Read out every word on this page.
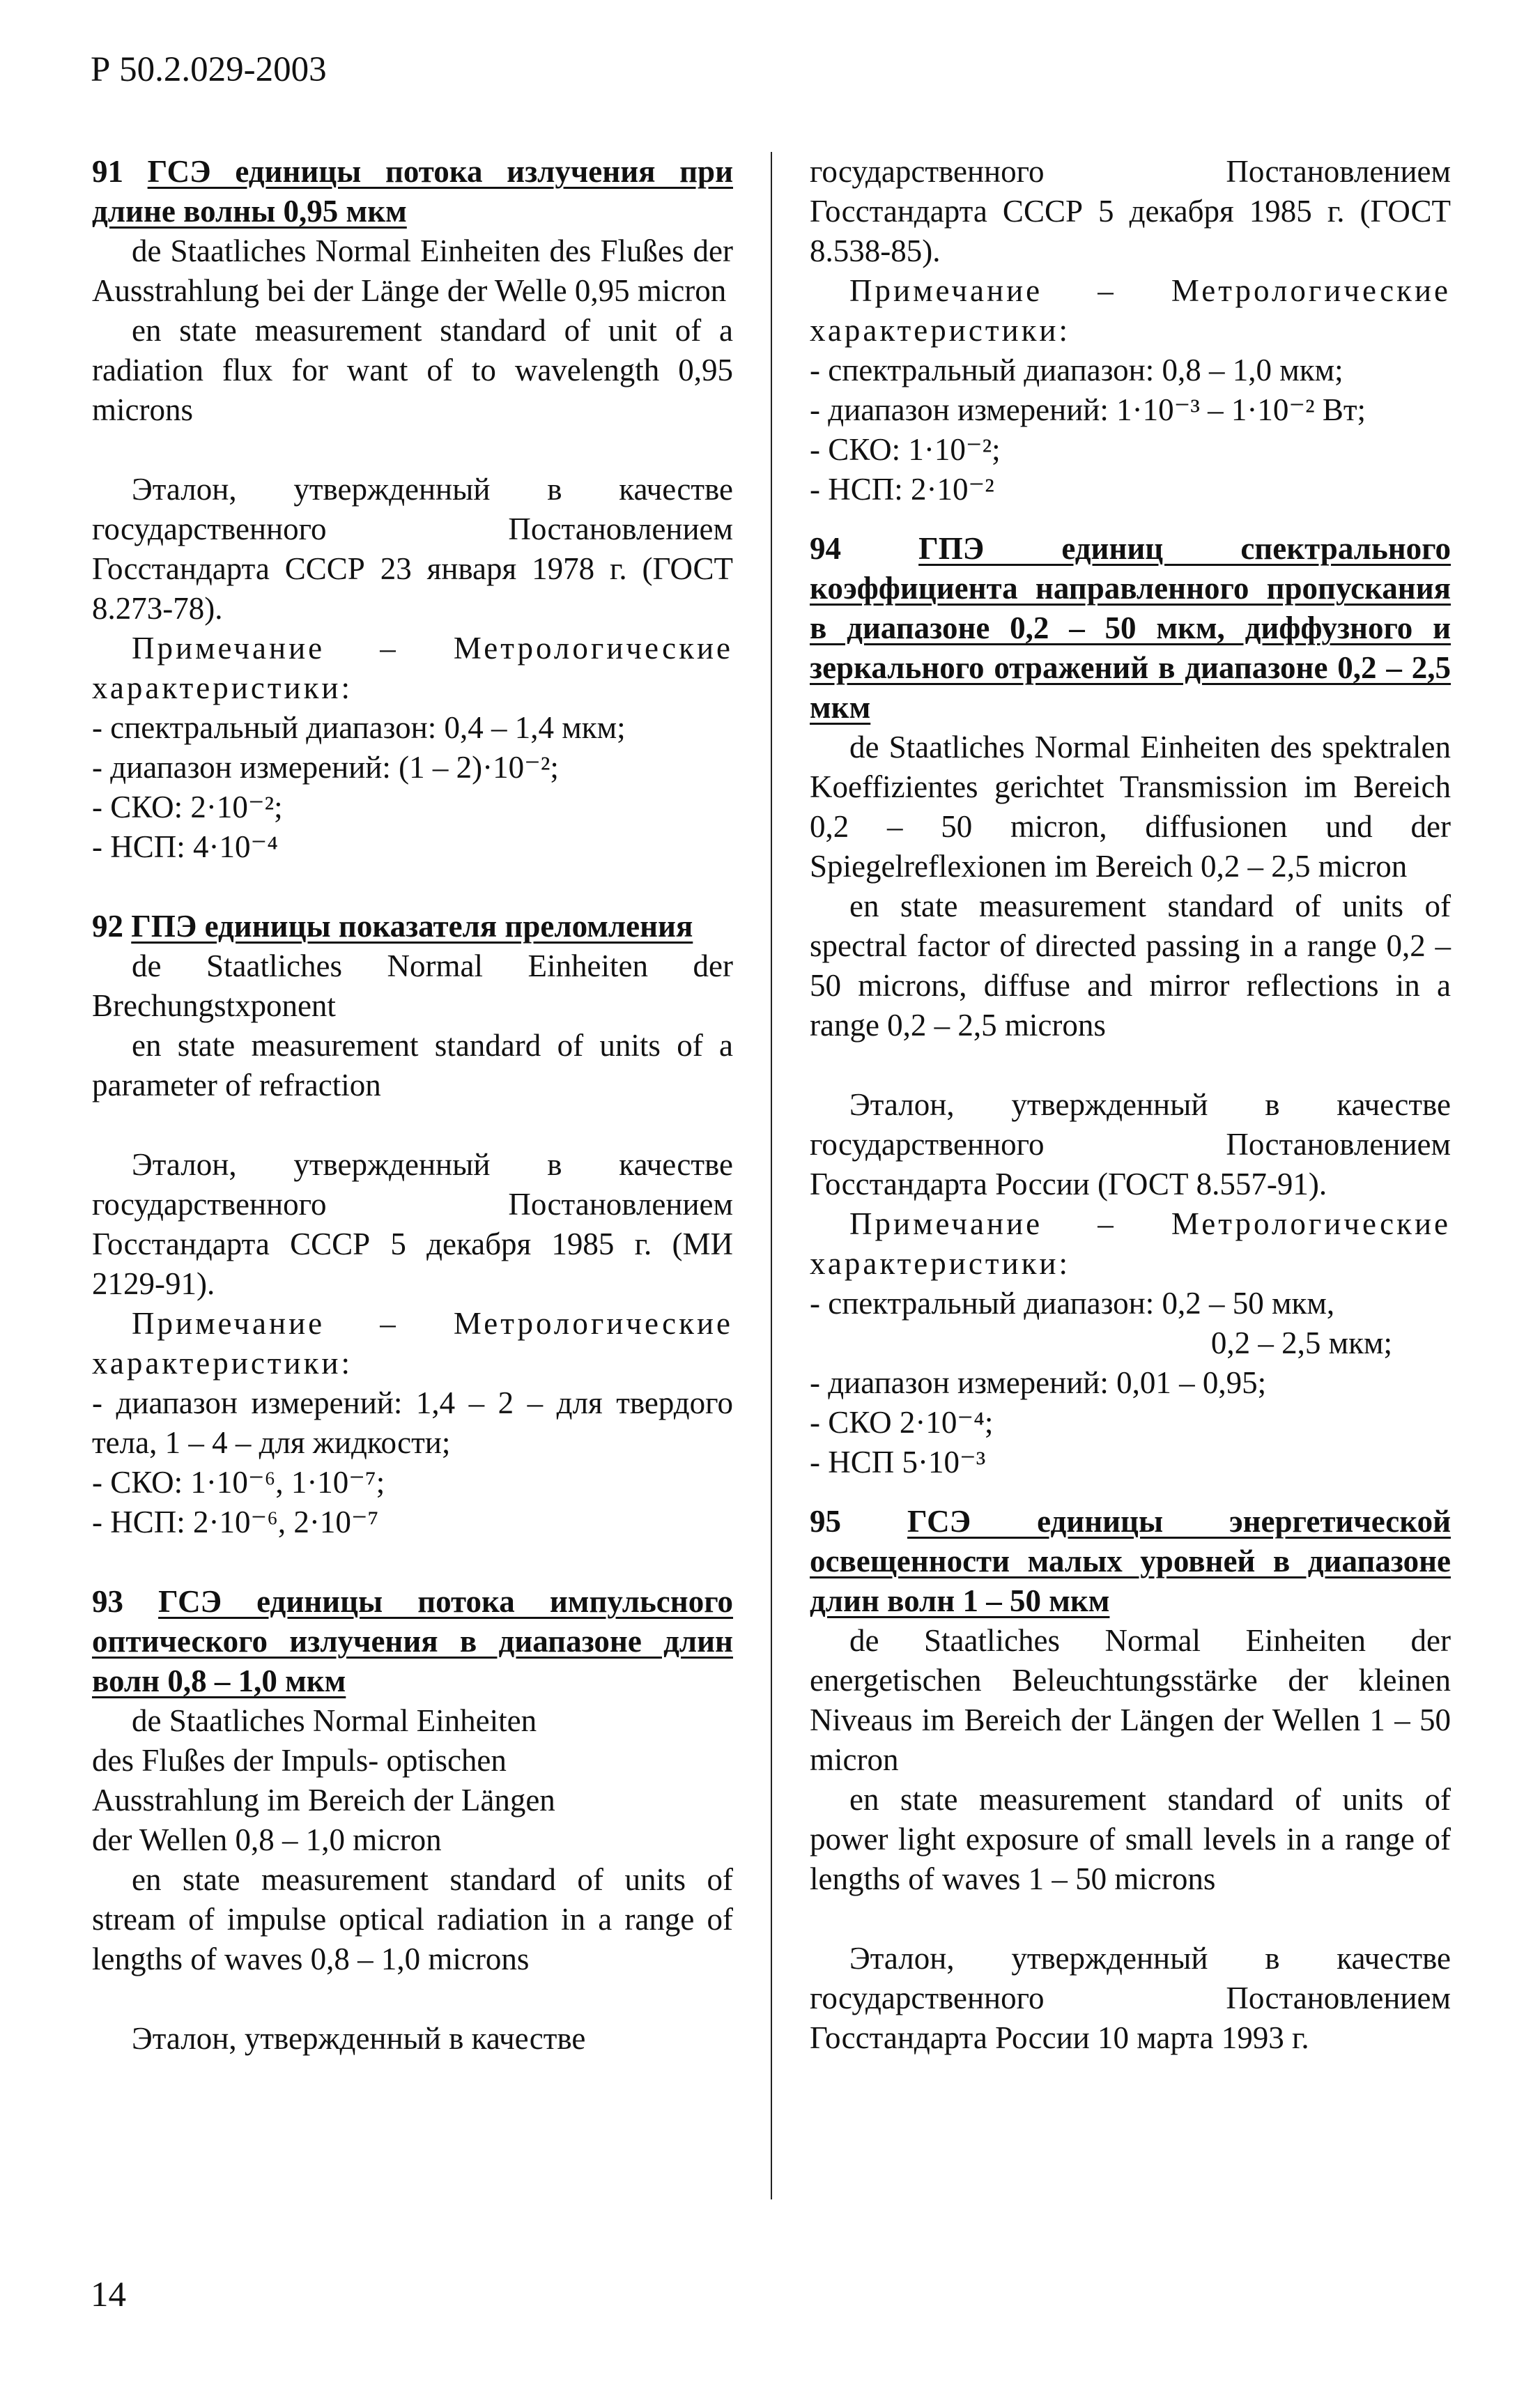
Р 50.2.029-2003
91 ГСЭ единицы потока излучения при длине волны 0,95 мкм

de Staatliches Normal Einheiten des Flußes der Ausstrahlung bei der Länge der Welle 0,95 micron

en state measurement standard of unit of a radiation flux for want of to wavelength 0,95 microns

Эталон, утвержденный в качестве государственного Постановлением Госстандарта СССР 23 января 1978 г. (ГОСТ 8.273-78).

Примечание – Метрологические характеристики:

- спектральный диапазон: 0,4 – 1,4 мкм;

- диапазон измерений: (1 – 2)·10⁻²;

- СКО: 2·10⁻²;

- НСП: 4·10⁻⁴

92 ГПЭ единицы показателя преломления

de Staatliches Normal Einheiten der Brechungstxponent

en state measurement standard of units of a parameter of refraction

Эталон, утвержденный в качестве государственного Постановлением Госстандарта СССР 5 декабря 1985 г. (МИ 2129-91).

Примечание – Метрологические характеристики:

- диапазон измерений: 1,4 – 2 – для твердого тела, 1 – 4 – для жидкости;

- СКО: 1·10⁻⁶, 1·10⁻⁷;

- НСП: 2·10⁻⁶, 2·10⁻⁷

93 ГСЭ единицы потока импульсного оптического излучения в диапазоне длин волн 0,8 – 1,0 мкм

de Staatliches Normal Einheiten

des Flußes der Impuls- optischen

Ausstrahlung im Bereich der Längen

der Wellen 0,8 – 1,0 micron

en state measurement standard of units of stream of impulse optical radiation in a range of lengths of waves 0,8 – 1,0 microns

Эталон, утвержденный в качестве

государственного Постановлением Госстандарта СССР 5 декабря 1985 г. (ГОСТ 8.538-85).

Примечание – Метрологические характеристики:

- спектральный диапазон: 0,8 – 1,0 мкм;

- диапазон измерений: 1·10⁻³ – 1·10⁻² Вт;

- СКО: 1·10⁻²;

- НСП: 2·10⁻²

94 ГПЭ единиц спектрального коэффициента направленного пропускания в диапазоне 0,2 – 50 мкм, диффузного и зеркального отражений в диапазоне 0,2 – 2,5 мкм

de Staatliches Normal Einheiten des spektralen Koeffizientes gerichtet Transmission im Bereich 0,2 – 50 micron, diffusionen und der Spiegelreflexionen im Bereich 0,2 – 2,5 micron

en state measurement standard of units of spectral factor of directed passing in a range 0,2 – 50 microns, diffuse and mirror reflections in a range 0,2 – 2,5 microns

Эталон, утвержденный в качестве государственного Постановлением Госстандарта России (ГОСТ 8.557-91).

Примечание – Метрологические характеристики:

- спектральный диапазон: 0,2 – 50 мкм,

0,2 – 2,5 мкм;

- диапазон измерений: 0,01 – 0,95;

- СКО 2·10⁻⁴;

- НСП 5·10⁻³

95 ГСЭ единицы энергетической освещенности малых уровней в диапазоне длин волн 1 – 50 мкм

de Staatliches Normal Einheiten der energetischen Beleuchtungsstärke der kleinen Niveaus im Bereich der Längen der Wellen 1 – 50 micron

en state measurement standard of units of power light exposure of small levels in a range of lengths of waves 1 – 50 microns

Эталон, утвержденный в качестве государственного Постановлением Госстандарта России 10 марта 1993 г.

14
